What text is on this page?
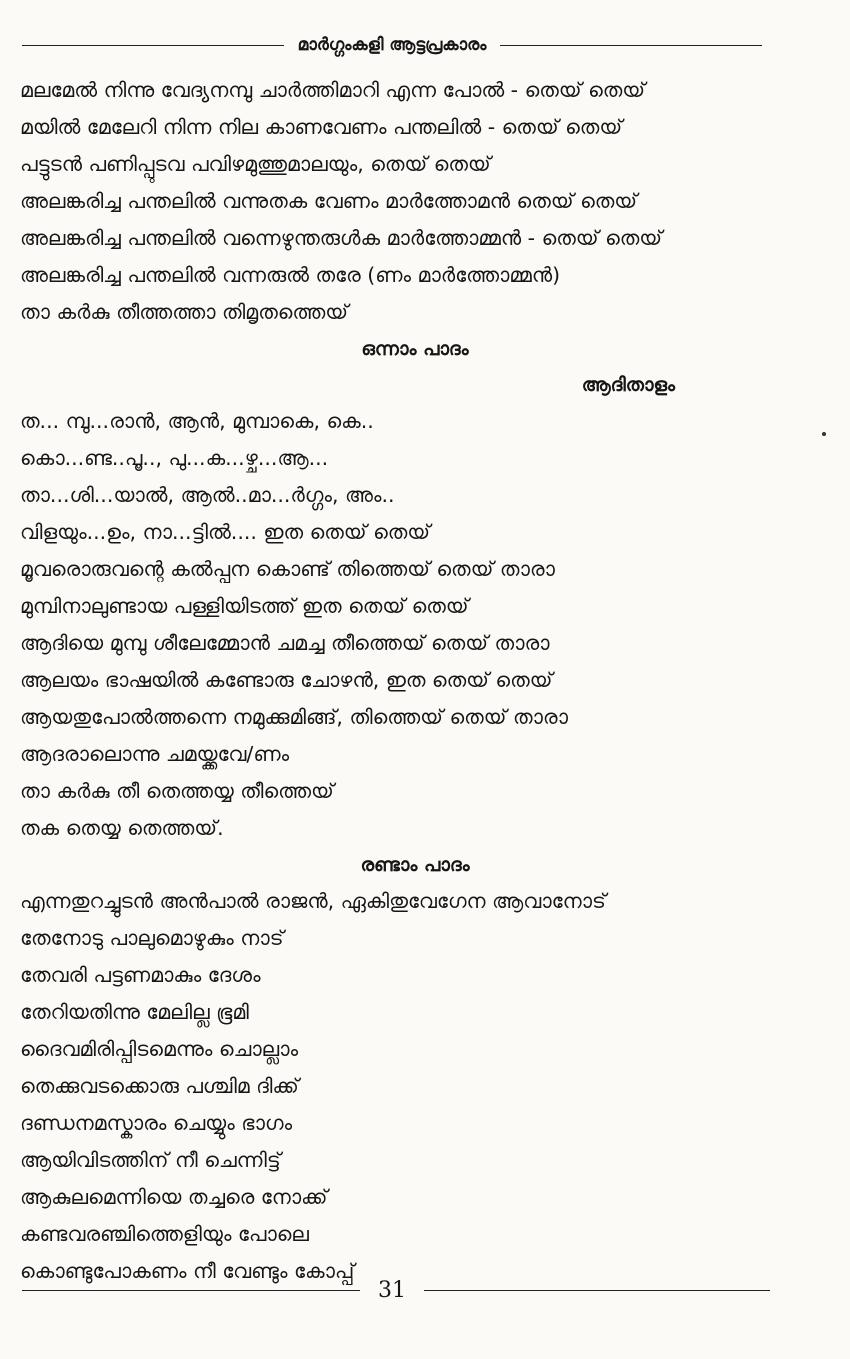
മാർഗ്ഗംകളി ആട്ടപ്രകാരം
മലമേൽ നിന്നു വേദ്യനമ്പു ചാർത്തിമാറി എന്ന പോൽ - തെയ് തെയ്
മയിൽ മേലേറി നിന്ന നില കാണവേണം പന്തലിൽ - തെയ് തെയ്
പട്ടുടൻ പണിപ്പുടവ പവിഴമുത്തുമാലയും, തെയ് തെയ്
അലങ്കരിച്ച പന്തലിൽ വന്നുതക വേണം മാർത്തോമൻ തെയ് തെയ്
അലങ്കരിച്ച പന്തലിൽ വന്നെഴുന്തരുൾക മാർത്തോമ്മൻ - തെയ് തെയ്
അലങ്കരിച്ച പന്തലിൽ വന്നരുൽ തരേ (ണം മാർത്തോമ്മൻ)
താ കർകു തീത്തത്താ തിമൃതത്തെയ്
ഒന്നാം പാദം
ആദിതാളം
ത... മ്പു...രാൻ, ആൻ, മുമ്പാകെ, കെ..
കൊ...ണ്ട..പൂ.., പു...ക...ഴ്ച...ആ...
താ...ശി...യാൽ, ആൽ..മാ...ർഗ്ഗം, അം..
വിളയും...ഉം, നാ...ട്ടിൽ.... ഇത തെയ് തെയ്
മൂവരൊരുവന്റെ കൽപ്പന കൊണ്ട് തിത്തെയ് തെയ് താരാ
മുമ്പിനാലുണ്ടായ പള്ളിയിടത്ത് ഇത തെയ് തെയ്
ആദിയെ മുമ്പു ശീലേമ്മോൻ ചമച്ച തീത്തെയ് തെയ് താരാ
ആലയം ഭാഷയിൽ കണ്ടോരു ചോഴൻ, ഇത തെയ് തെയ്
ആയതുപോൽത്തന്നെ നമുക്കുമിങ്ങ്, തിത്തെയ് തെയ് താരാ
ആദരാലൊന്നു ചമയ്ക്കവേ/ണം
താ കർകു തീ തെത്തയ്യ തീത്തെയ്
തക തെയ്യ തെത്തയ്.
രണ്ടാം പാദം
എന്നതുറച്ചുടൻ അൻപാൽ രാജൻ, ഏകിതുവേഗേന ആവാനോട്
തേനോടു പാലുമൊഴുകും നാട്
തേവരി പട്ടണമാകും ദേശം
തേറിയതിന്നു മേലില്ല ഭൂമി
ദൈവമിരിപ്പിടമെന്നും ചൊല്ലാം
തെക്കുവടക്കൊരു പശ്ചിമ ദിക്ക്
ദണ്ഡനമസ്കാരം ചെയ്യും ഭാഗം
ആയിവിടത്തിന് നീ ചെന്നിട്ട്
ആകുലമെന്നിയെ തച്ചരെ നോക്ക്
കണ്ടവരഞ്ചിത്തെളിയും പോലെ
കൊണ്ടുപോകണം നീ വേണ്ടും കോപ്പ്
31
